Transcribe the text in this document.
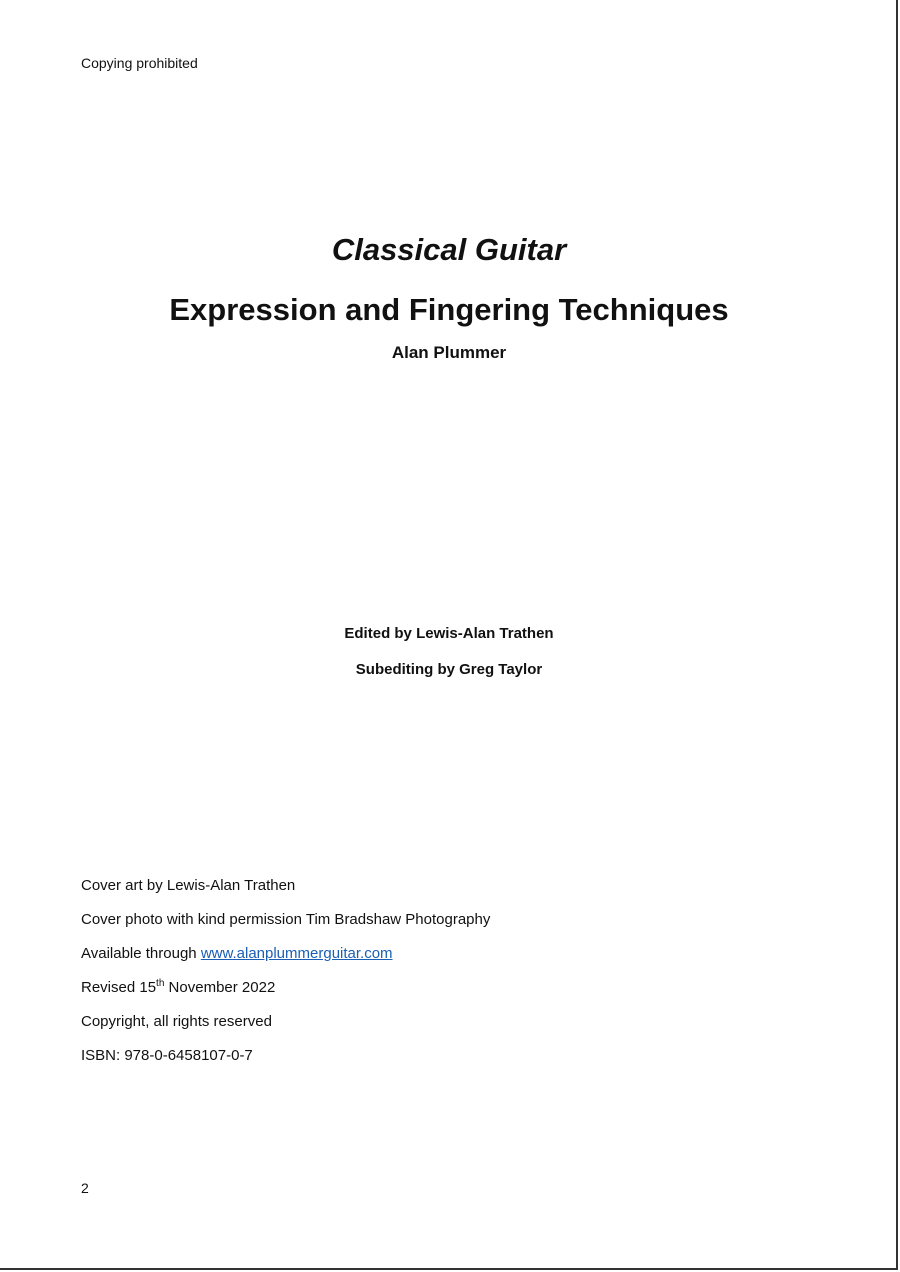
Copying prohibited
Classical Guitar
Expression and Fingering Techniques
Alan Plummer
Edited by Lewis-Alan Trathen
Subediting by Greg Taylor
Cover art by Lewis-Alan Trathen
Cover photo with kind permission Tim Bradshaw Photography
Available through www.alanplummerguitar.com
Revised 15th November 2022
Copyright, all rights reserved
ISBN: 978-0-6458107-0-7
2
